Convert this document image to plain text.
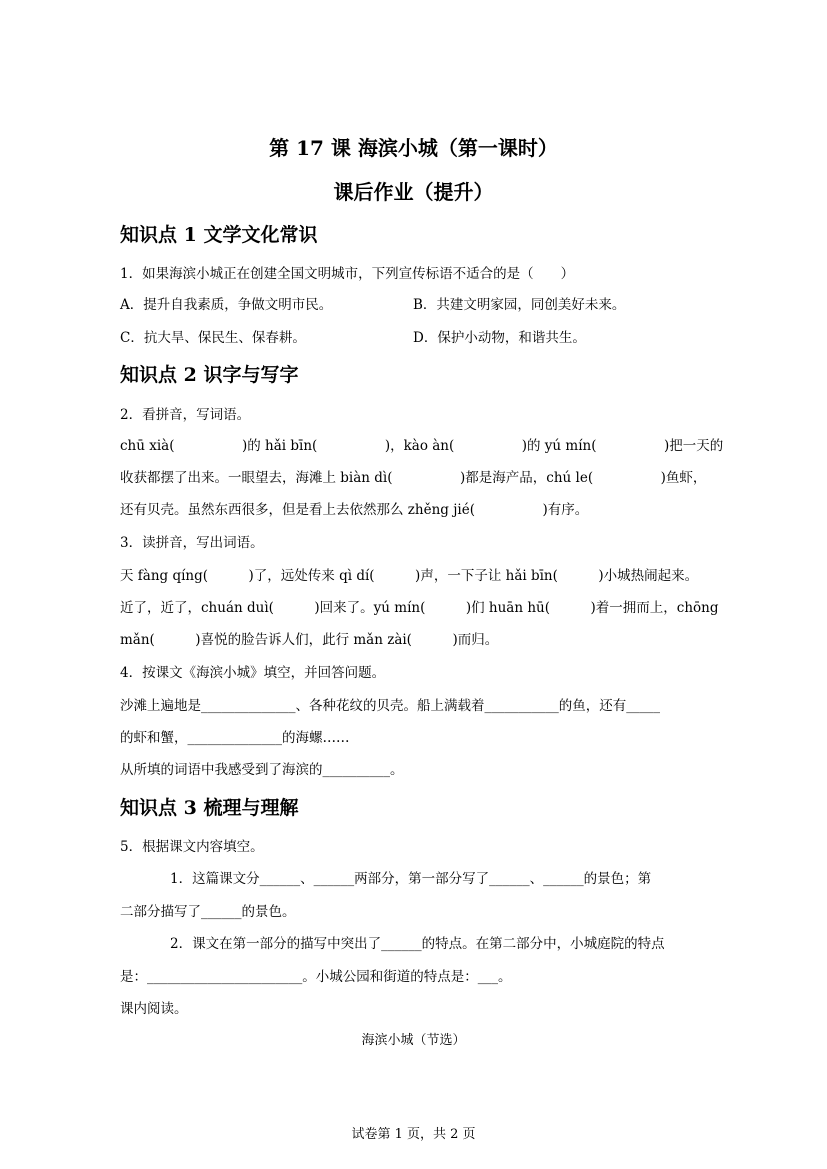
第 17 课 海滨小城（第一课时）
课后作业（提升）
知识点 1 文学文化常识
1．如果海滨小城正在创建全国文明城市，下列宣传标语不适合的是（　　）
A．提升自我素质，争做文明市民。	B．共建文明家园，同创美好未来。
C．抗大旱、保民生、保春耕。	D．保护小动物，和谐共生。
知识点 2 识字与写字
2．看拼音，写词语。
chū xià(　　　　　)的 hǎi bīn(　　　　　)，kào àn(　　　　　)的 yú mín(　　　　　)把一天的
收获都摆了出来。一眼望去，海滩上 biàn dì(　　　　　)都是海产品，chú le(　　　　　)鱼虾，
还有贝壳。虽然东西很多，但是看上去依然那么 zhěng jié(　　　　　)有序。
3．读拼音，写出词语。
天 fàng qíng(　　　)了，远处传来 qì dí(　　　)声，一下子让 hǎi bīn(　　　)小城热闹起来。
近了，近了，chuán duì(　　　)回来了。yú mín(　　　)们 huān hū(　　　)着一拥而上，chōng
mǎn(　　　)喜悦的脸告诉人们，此行 mǎn zài(　　　)而归。
4．按课文《海滨小城》填空，并回答问题。
沙滩上遍地是______________、各种花纹的贝壳。船上满载着___________的鱼，还有_____
的虾和蟹，______________的海螺……
从所填的词语中我感受到了海滨的__________。
知识点 3 梳理与理解
5．根据课文内容填空。
1．这篇课文分______、______两部分，第一部分写了______、______的景色；第
二部分描写了______的景色。
2．课文在第一部分的描写中突出了______的特点。在第二部分中，小城庭院的特点
是：_______________________。小城公园和街道的特点是：___。
课内阅读。
海滨小城（节选）
试卷第 1 页，共 2 页
